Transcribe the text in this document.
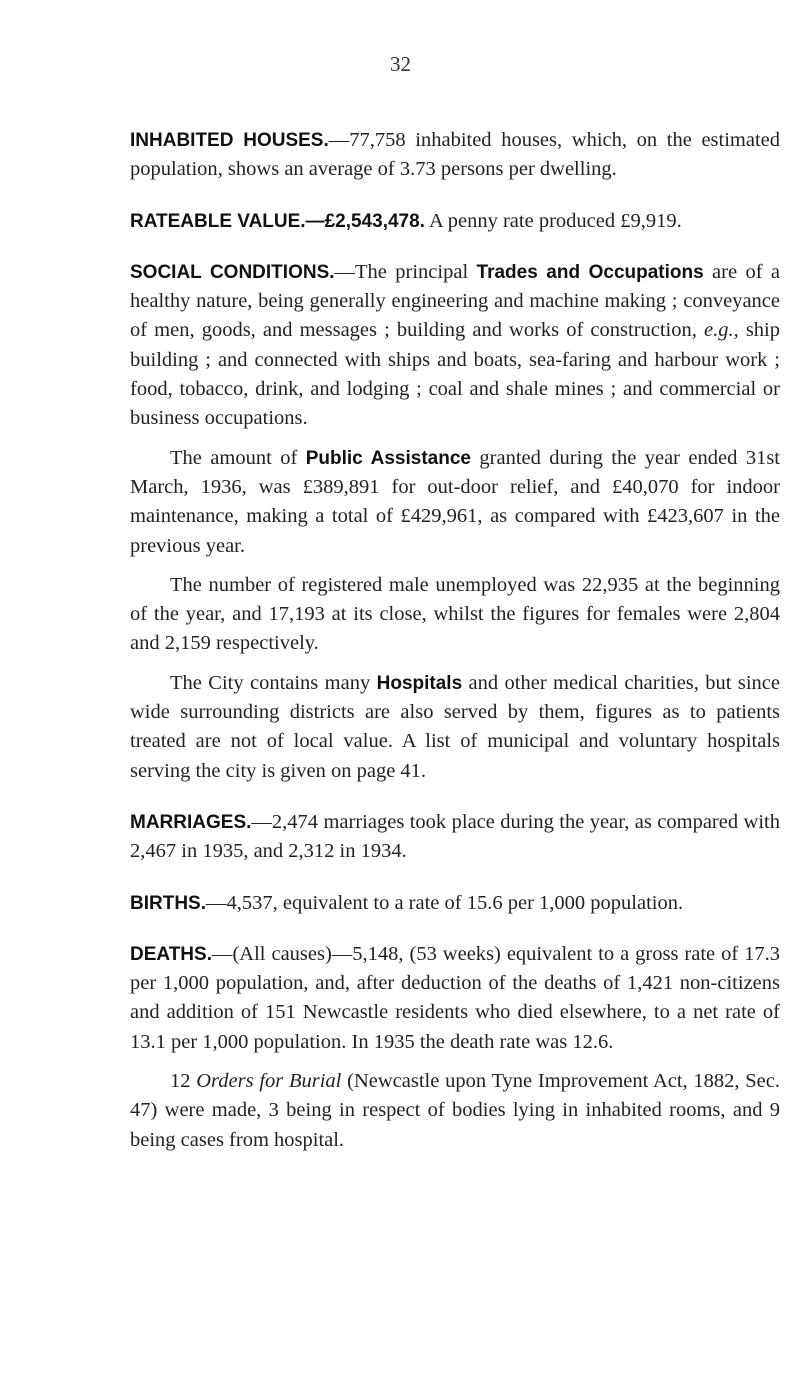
32

INHABITED HOUSES.—77,758 inhabited houses, which, on the estimated population, shows an average of 3.73 persons per dwelling.

RATEABLE VALUE.—£2,543,478. A penny rate produced £9,919.

SOCIAL CONDITIONS.—The principal Trades and Occupations are of a healthy nature, being generally engineering and machine making ; conveyance of men, goods, and messages ; building and works of construction, e.g., ship building ; and connected with ships and boats, sea-faring and harbour work ; food, tobacco, drink, and lodging ; coal and shale mines ; and commercial or business occupations.

The amount of Public Assistance granted during the year ended 31st March, 1936, was £389,891 for out-door relief, and £40,070 for indoor maintenance, making a total of £429,961, as compared with £423,607 in the previous year.

The number of registered male unemployed was 22,935 at the beginning of the year, and 17,193 at its close, whilst the figures for females were 2,804 and 2,159 respectively.

The City contains many Hospitals and other medical charities, but since wide surrounding districts are also served by them, figures as to patients treated are not of local value. A list of municipal and voluntary hospitals serving the city is given on page 41.

MARRIAGES.—2,474 marriages took place during the year, as compared with 2,467 in 1935, and 2,312 in 1934.

BIRTHS.—4,537, equivalent to a rate of 15.6 per 1,000 population.

DEATHS.—(All causes)—5,148, (53 weeks) equivalent to a gross rate of 17.3 per 1,000 population, and, after deduction of the deaths of 1,421 non-citizens and addition of 151 Newcastle residents who died elsewhere, to a net rate of 13.1 per 1,000 population. In 1935 the death rate was 12.6.

12 Orders for Burial (Newcastle upon Tyne Improvement Act, 1882, Sec. 47) were made, 3 being in respect of bodies lying in inhabited rooms, and 9 being cases from hospital.
